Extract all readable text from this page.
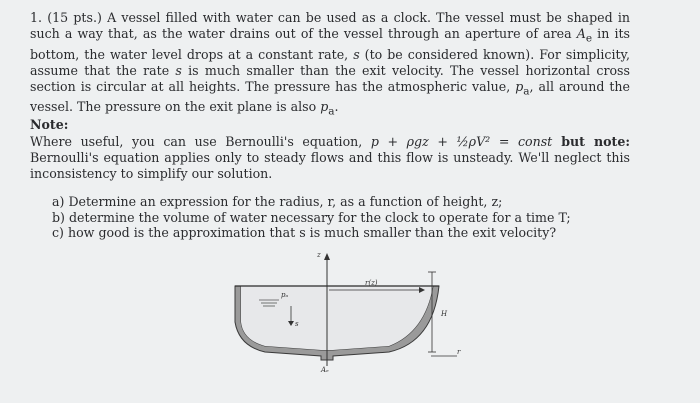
1. (15 pts.) A vessel filled with water can be used as a clock. The vessel must be shaped in such a way that, as the water drains out of the vessel through an aperture of area $A_e$ in its bottom, the water level drops at a constant rate, s (to be considered known). For simplicity, assume that the rate s is much smaller than the exit velocity. The vessel horizontal cross section is circular at all heights. The pressure has the atmospheric value, $p_a$, all around the vessel. The pressure on the exit plane is also $p_a$.
Note:
Where useful, you can use Bernoulli's equation, p + ρgz + ½ρV² = const but note: Bernoulli's equation applies only to steady flows and this flow is unsteady. We'll neglect this inconsistency to simplify our solution.
a) Determine an expression for the radius, r, as a function of height, z;
b) determine the volume of water necessary for the clock to operate for a time T;
c) how good is the approximation that s is much smaller than the exit velocity?
z
pₐ
s
r(z)
H
r
Aₑ
